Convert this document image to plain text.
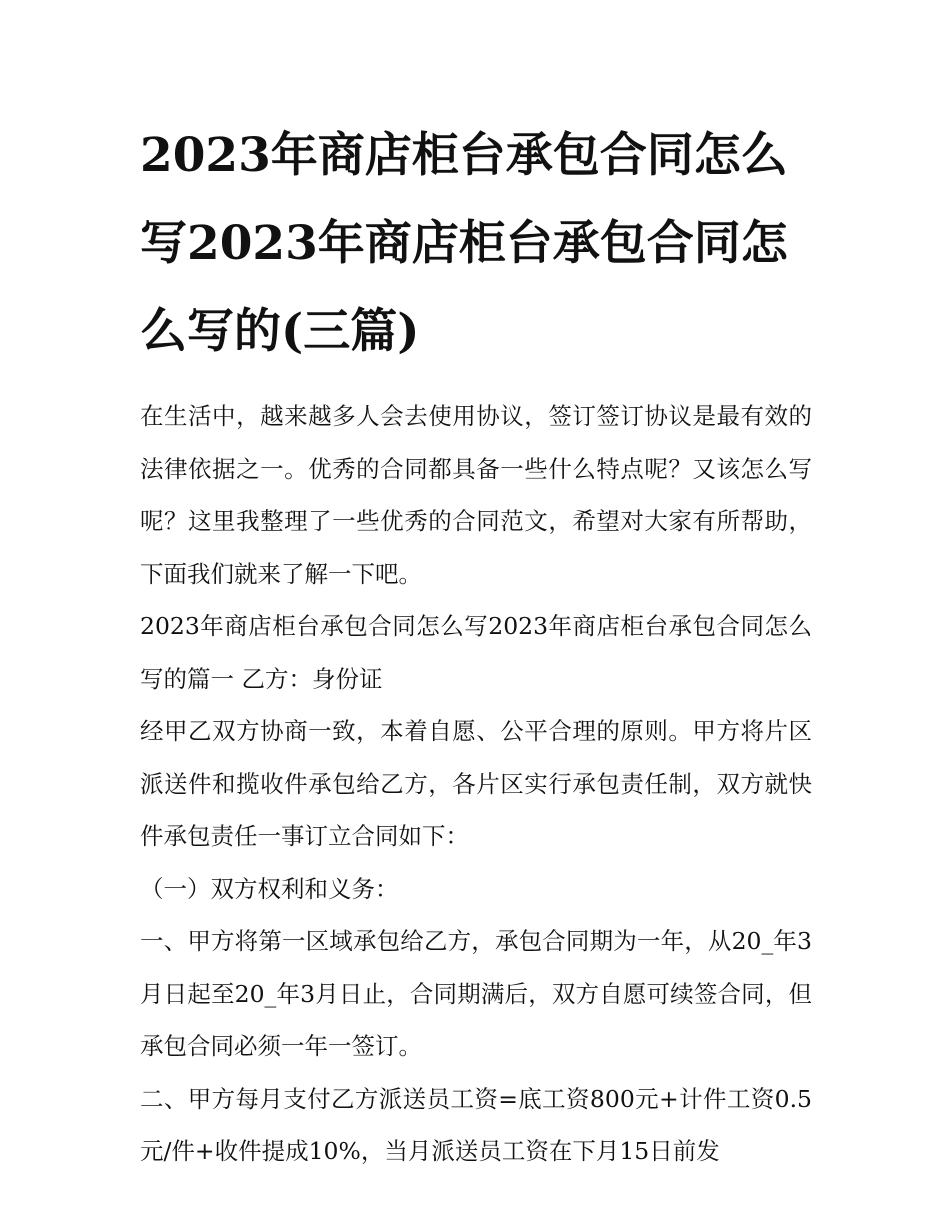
2023年商店柜台承包合同怎么写2023年商店柜台承包合同怎么写的(三篇)

在生活中，越来越多人会去使用协议，签订签订协议是最有效的法律依据之一。优秀的合同都具备一些什么特点呢？又该怎么写呢？这里我整理了一些优秀的合同范文，希望对大家有所帮助，下面我们就来了解一下吧。

2023年商店柜台承包合同怎么写2023年商店柜台承包合同怎么写的篇一 乙方：身份证

经甲乙双方协商一致，本着自愿、公平合理的原则。甲方将片区派送件和揽收件承包给乙方，各片区实行承包责任制，双方就快件承包责任一事订立合同如下：

（一）双方权利和义务：

一、甲方将第一区域承包给乙方，承包合同期为一年，从20_年3月日起至20_年3月日止，合同期满后，双方自愿可续签合同，但承包合同必须一年一签订。

二、甲方每月支付乙方派送员工资=底工资800元+计件工资0.5元/件+收件提成10%，当月派送员工资在下月15日前发
